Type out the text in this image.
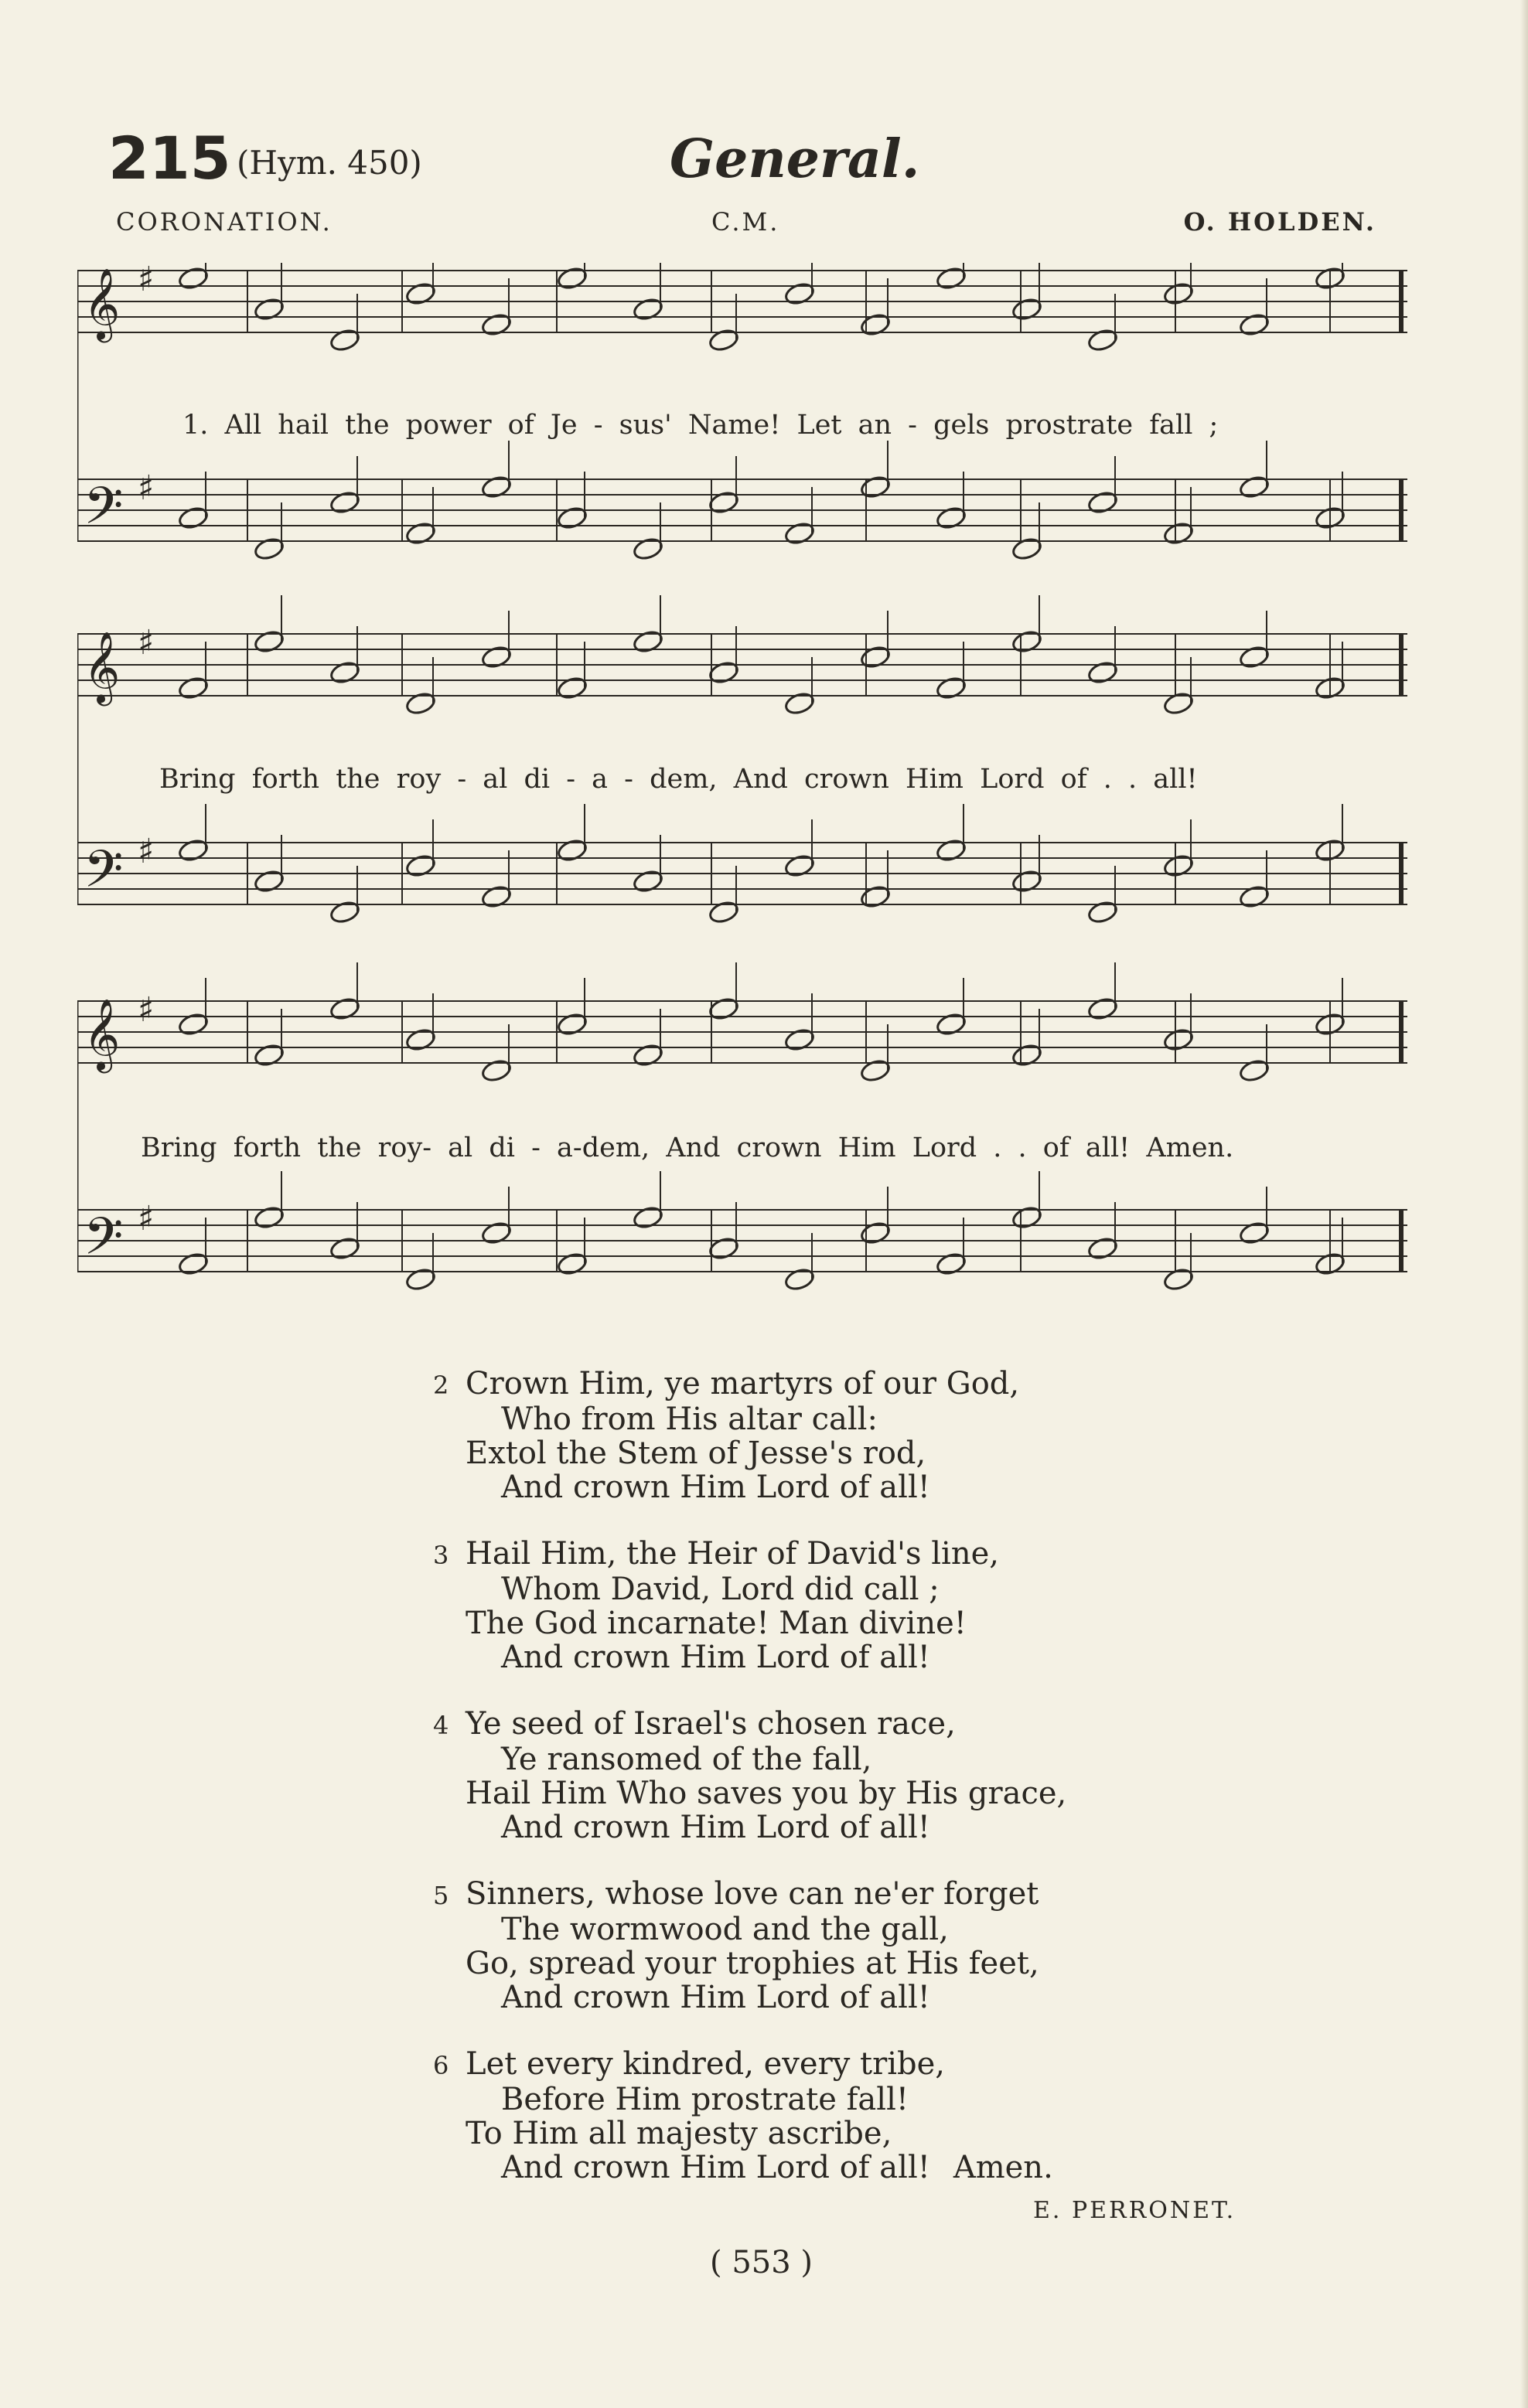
215 (Hym. 450)	General.
CORONATION.	C.M.	O. HOLDEN.
𝄞 ♯
𝄢 ♯
𝄞 ♯
𝄢 ♯
𝄞 ♯
𝄢 ♯
1. All hail the power of Je - sus' Name! Let an - gels prostrate fall ;
Bring forth the roy - al di - a - dem, And crown Him Lord of . . all!
Bring forth the roy- al di - a-dem, And crown Him Lord . . of all! Amen.
2 Crown Him, ye martyrs of our God,
Who from His altar call:
Extol the Stem of Jesse's rod,
And crown Him Lord of all!
3 Hail Him, the Heir of David's line,
Whom David, Lord did call ;
The God incarnate! Man divine!
And crown Him Lord of all!
4 Ye seed of Israel's chosen race,
Ye ransomed of the fall,
Hail Him Who saves you by His grace,
And crown Him Lord of all!
5 Sinners, whose love can ne'er forget
The wormwood and the gall,
Go, spread your trophies at His feet,
And crown Him Lord of all!
6 Let every kindred, every tribe,
Before Him prostrate fall!
To Him all majesty ascribe,
And crown Him Lord of all! Amen.
E. PERRONET.
( 553 )
